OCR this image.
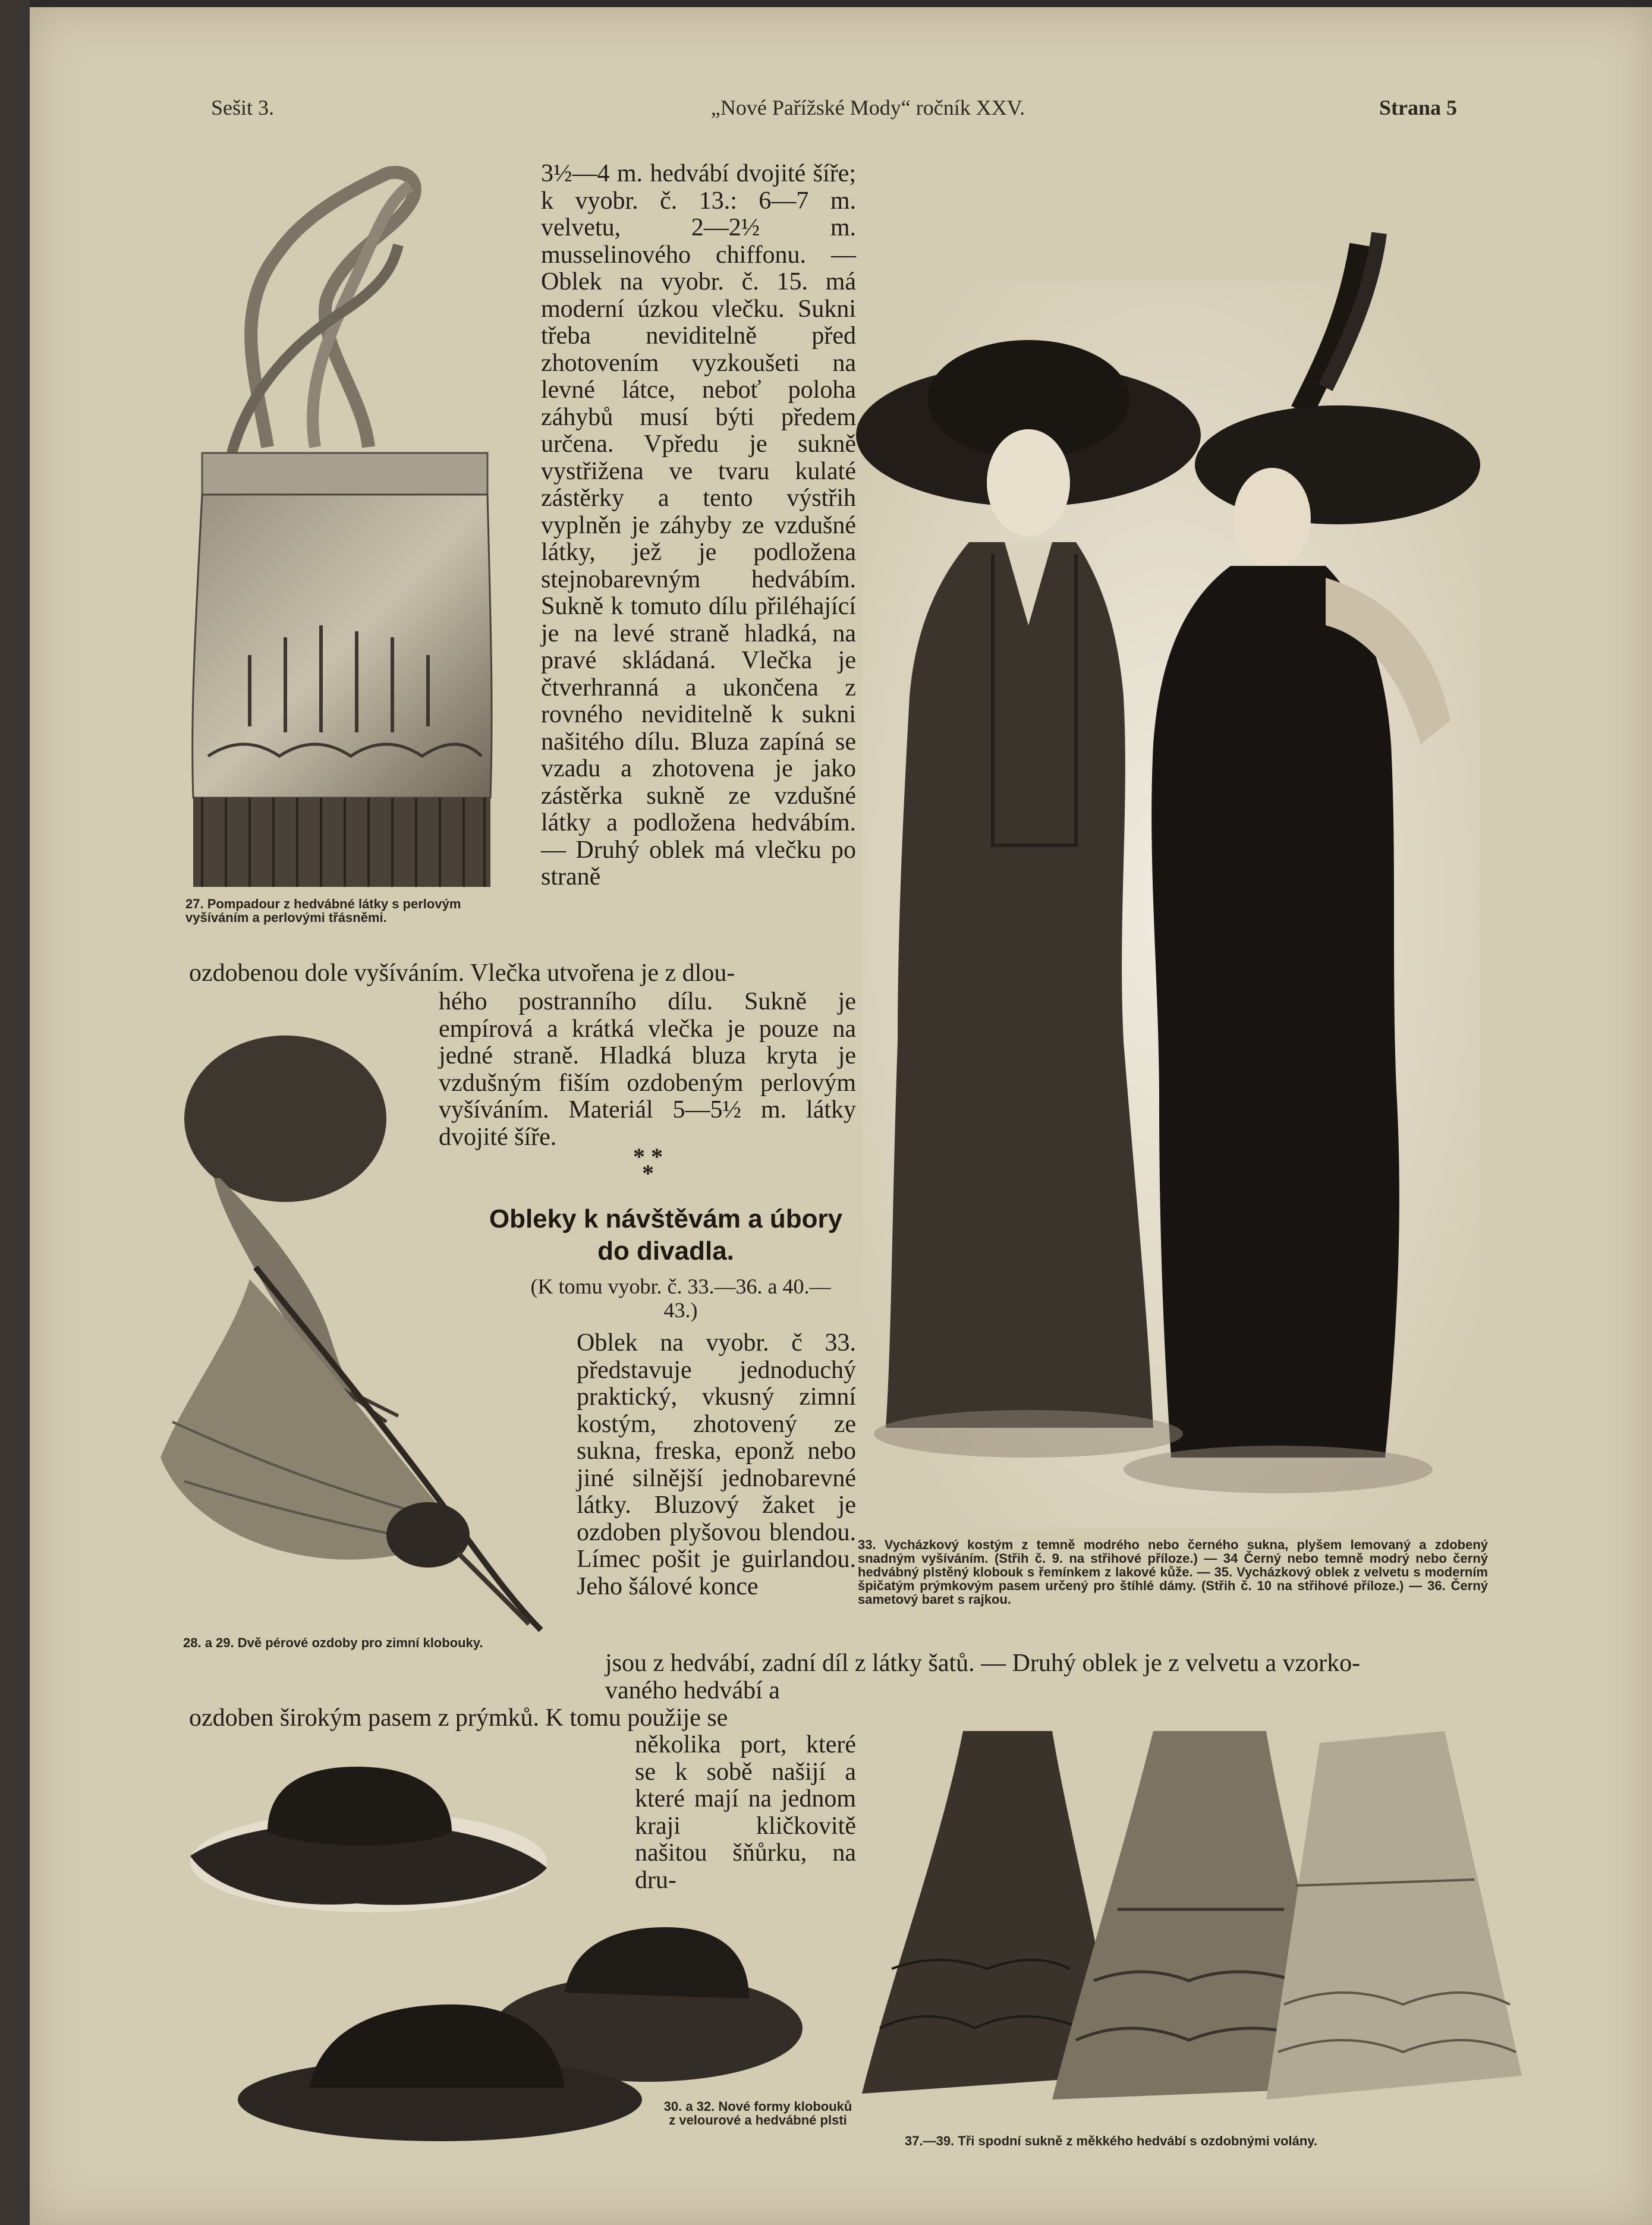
Sešit 3.	„Nové Pařížské Mody“ ročník XXV.	Strana 5
27. Pompadour z hedvábné látky s perlovým vyšíváním a perlovými třásněmi.
3½—4 m. hedvábí dvojité šíře; k vyobr. č. 13.: 6—7 m. velvetu, 2—2½ m. musselinového chiffonu. — Oblek na vyobr. č. 15. má moderní úzkou vlečku. Sukni třeba neviditelně před zhotovením vyzkoušeti na levné látce, neboť poloha záhybů musí býti předem určena. Vpředu je sukně vystřižena ve tvaru kulaté zástěrky a tento výstřih vyplněn je záhyby ze vzdušné látky, jež je podložena stejnobarevným hedvábím. Sukně k tomuto dílu přiléhající je na levé straně hladká, na pravé skládaná. Vlečka je čtverhranná a ukončena z rovného neviditelně k sukni našitého dílu. Bluza zapíná se vzadu a zhotovena je jako zástěrka sukně ze vzdušné látky a podložena hedvábím. — Druhý oblek má vlečku po straně
ozdobenou dole vyšíváním. Vlečka utvořena je z dlou-
hého postranního dílu. Sukně je empírová a krátká vlečka je pouze na jedné straně. Hladká bluza kryta je vzdušným fiším ozdobeným perlovým vyšíváním. Materiál 5—5½ m. látky dvojité šíře.
* *
*
Obleky k návštěvám a úbory do divadla.
(K tomu vyobr. č. 33.—36. a 40.—43.)
Oblek na vyobr. č 33. představuje jednoduchý praktický, vkusný zimní kostým, zhotovený ze sukna, freska, eponž nebo jiné silnější jednobarevné látky. Bluzový žaket je ozdoben plyšovou blendou. Límec pošit je guirlandou. Jeho šálové konce
jsou z hedvábí, zadní díl z látky šatů. — Druhý oblek je z velvetu a vzorko-
vaného hedvábí a
ozdoben širokým pasem z prýmků. K tomu použije se
několika port, které se k sobě našijí a které mají na jednom kraji kličkovitě našitou šňůrku, na dru-
28. a 29. Dvě pérové ozdoby pro zimní klobouky.
30. a 32. Nové formy klobouků z velourové a hedvábné plsti
33. Vycházkový kostým z temně modrého nebo černého sukna, plyšem lemovaný a zdobený snadným vyšíváním. (Střih č. 9. na střihové příloze.) — 34 Černý nebo temně modrý nebo černý hedvábný plstěný klobouk s řemínkem z lakové kůže. — 35. Vycházkový oblek z velvetu s moderním špičatým prýmkovým pasem určený pro štíhlé dámy. (Střih č. 10 na střihové příloze.) — 36. Černý sametový baret s rajkou.
37.—39. Tři spodní sukně z měkkého hedvábí s ozdobnými volány.
